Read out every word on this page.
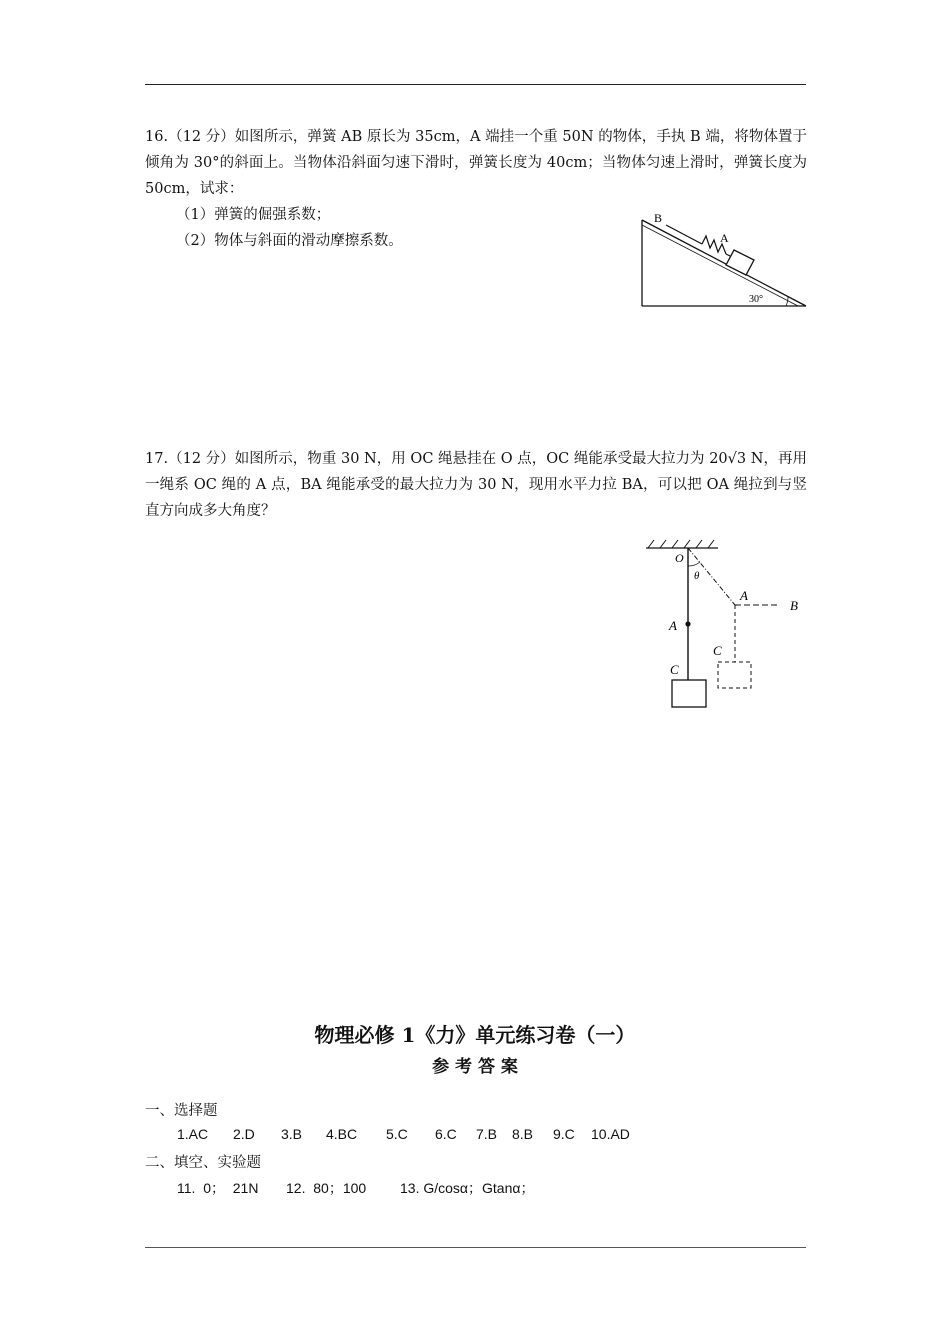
16.（12 分）如图所示，弹簧 AB 原长为 35cm，A 端挂一个重 50N 的物体，手执 B 端，将物体置于倾角为 30°的斜面上。当物体沿斜面匀速下滑时，弹簧长度为 40cm；当物体匀速上滑时，弹簧长度为 50cm，试求：
（1）弹簧的倔强系数；
（2）物体与斜面的滑动摩擦系数。
B
A
30°
17.（12 分）如图所示，物重 30 N，用 OC 绳悬挂在 O 点，OC 绳能承受最大拉力为 20√3 N，再用一绳系 OC 绳的 A 点，BA 绳能承受的最大拉力为 30 N，现用水平力拉 BA，可以把 OA 绳拉到与竖直方向成多大角度？
O
θ
A
B
A
C
C
物理必修 1《力》单元练习卷（一）
参 考 答 案
一、选择题
1.AC 2.D 3.B 4.BC 5.C 6.C 7.B 8.B 9.C 10.AD
二、填空、实验题
11.  0；  21N 12.  80；100 13. G/cosα；Gtanα；
